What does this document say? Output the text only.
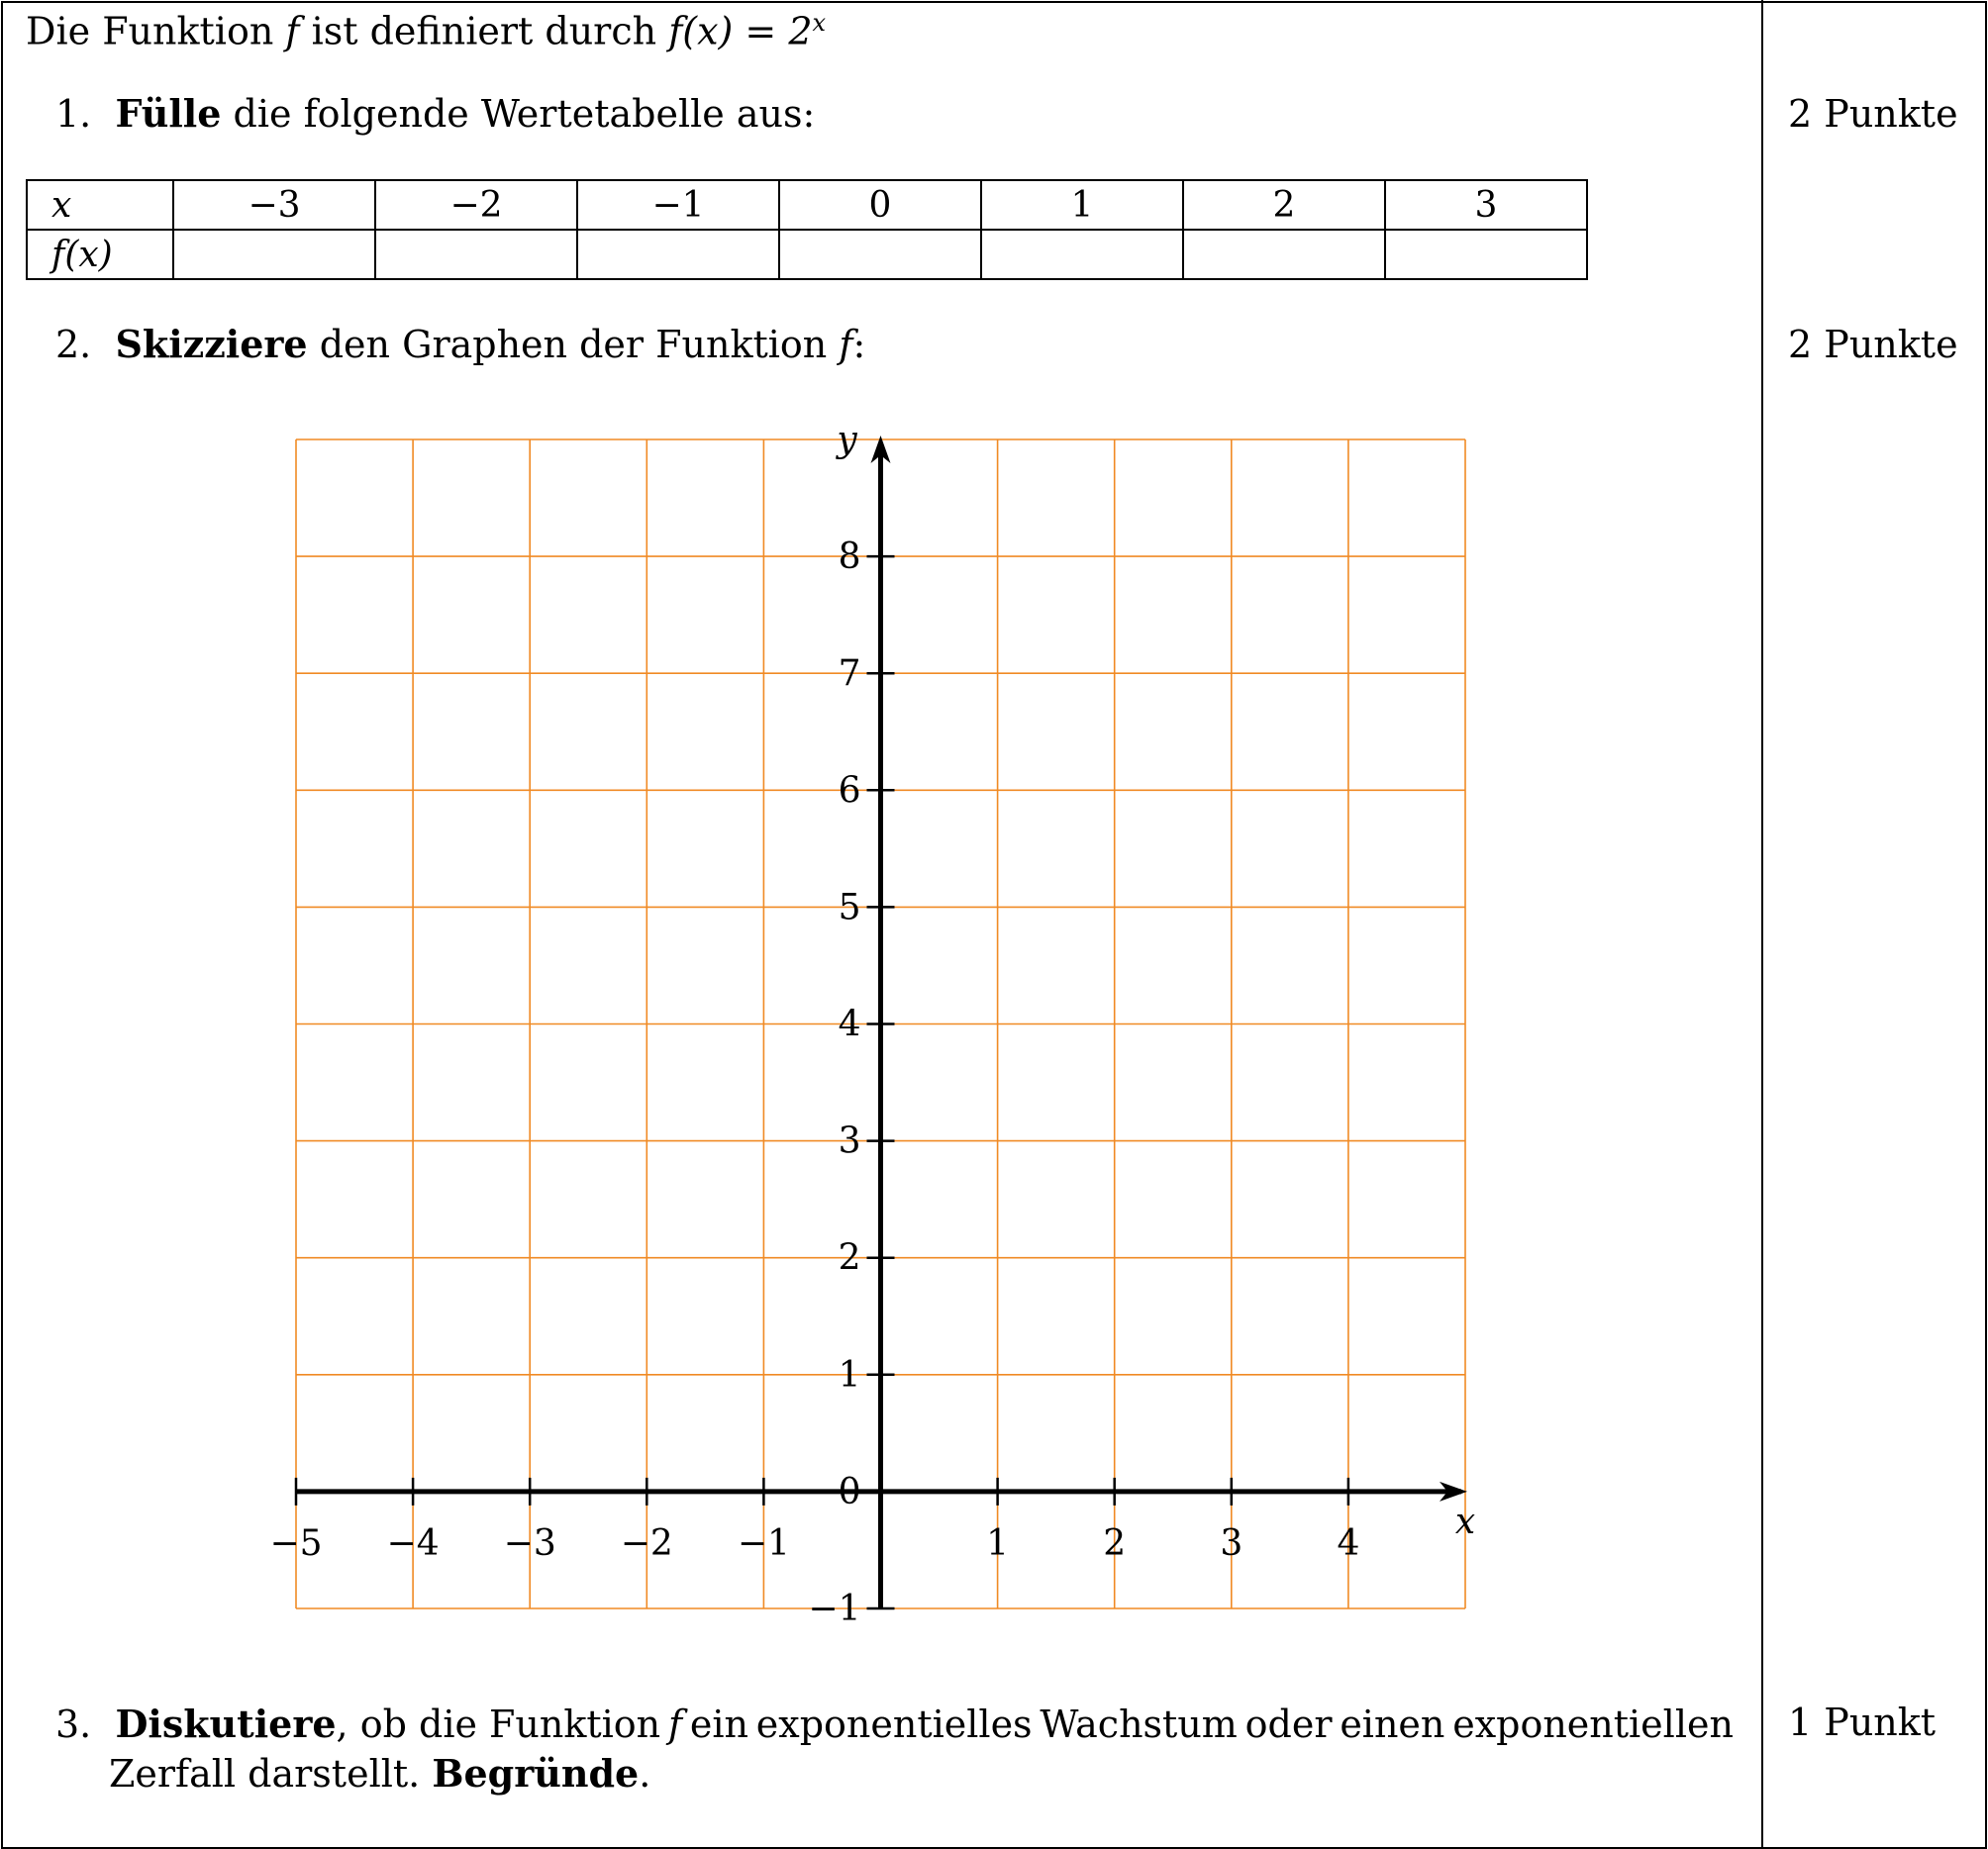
Die Funktion f ist definiert durch $f(x) = 2^x$
1. Fülle die folgende Wertetabelle aus:	2 Punkte
x	−3	−2	−1	0	1	2	3
f(x)							
2. Skizziere den Graphen der Funktion f:	2 Punkte
−5 −4 −3 −2 −1	1	2	3	4
−1
0
1
2
3
4
5
6
7
8
x
y
3. Diskutiere, ob die Funktion f ein exponentielles Wachstum oder einen exponentiellen
Zerfall darstellt. Begründe.
1 Punkt
